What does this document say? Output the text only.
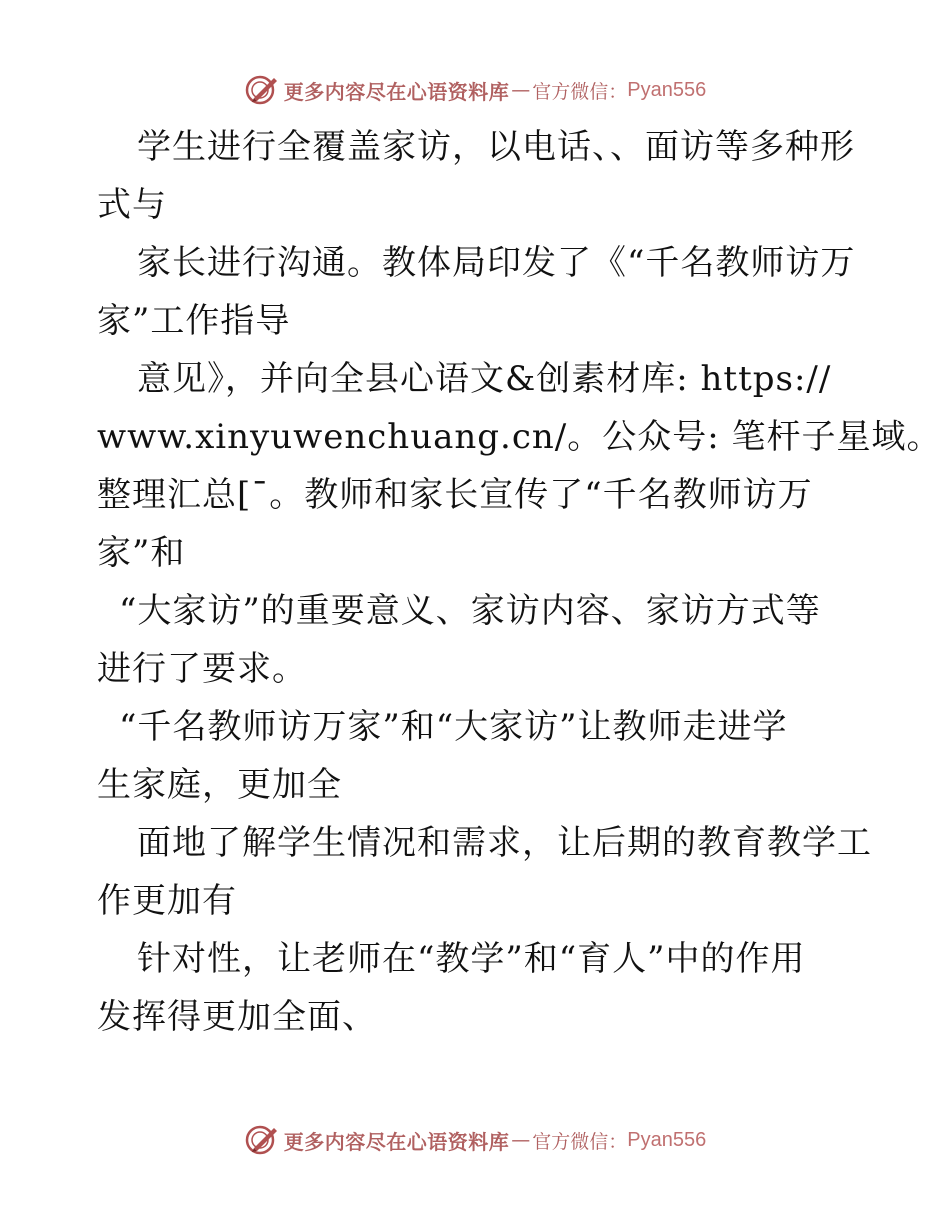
更多内容尽在心语资料库 — 官方微信： Pyan556
学生进行全覆盖家访，以电话、、面访等多种形
式与
家长进行沟通。教体局印发了《“千名教师访万
家”工作指导
意见》，并向全县心语文&创素材库: https://
www.xinyuwenchuang.cn/。公众号: 笔杆子星域。
整理汇总[¯。教师和家长宣传了“千名教师访万
家”和
“大家访”的重要意义、家访内容、家访方式等
进行了要求。
“千名教师访万家”和“大家访”让教师走进学
生家庭，更加全
面地了解学生情况和需求，让后期的教育教学工
作更加有
针对性，让老师在“教学”和“育人”中的作用
发挥得更加全面、
更多内容尽在心语资料库 — 官方微信： Pyan556
